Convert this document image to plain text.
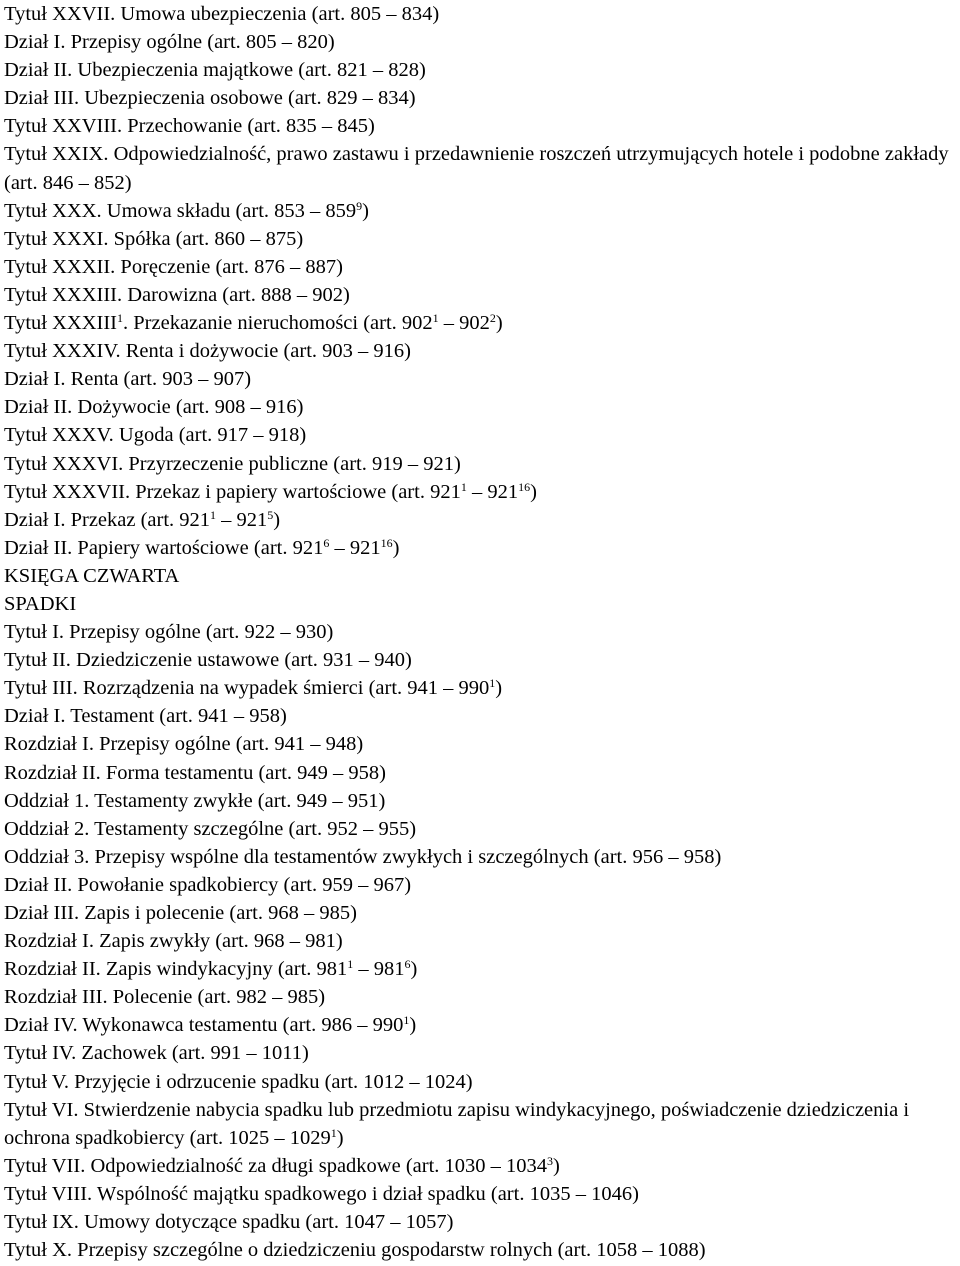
Tytuł XXVII. Umowa ubezpieczenia (art. 805 – 834)
Dział I. Przepisy ogólne (art. 805 – 820)
Dział II. Ubezpieczenia majątkowe (art. 821 – 828)
Dział III. Ubezpieczenia osobowe (art. 829 – 834)
Tytuł XXVIII. Przechowanie (art. 835 – 845)
Tytuł XXIX. Odpowiedzialność, prawo zastawu i przedawnienie roszczeń utrzymujących hotele i podobne zakłady (art. 846 – 852)
Tytuł XXX. Umowa składu (art. $853 - 859^9$)
Tytuł XXXI. Spółka (art. 860 – 875)
Tytuł XXXII. Poręczenie (art. 876 – 887)
Tytuł XXXIII. Darowizna (art. 888 – 902)
Tytuł XXXIII$^1$. Przekazanie nieruchomości (art. $902^1 - 902^2$)
Tytuł XXXIV. Renta i dożywocie (art. 903 – 916)
Dział I. Renta (art. 903 – 907)
Dział II. Dożywocie (art. 908 – 916)
Tytuł XXXV. Ugoda (art. 917 – 918)
Tytuł XXXVI. Przyrzeczenie publiczne (art. 919 – 921)
Tytuł XXXVII. Przekaz i papiery wartościowe (art. $921^1 - 921^{16}$)
Dział I. Przekaz (art. $921^1 - 921^5$)
Dział II. Papiery wartościowe (art. $921^6 - 921^{16}$)
KSIĘGA CZWARTA
SPADKI
Tytuł I. Przepisy ogólne (art. 922 – 930)
Tytuł II. Dziedziczenie ustawowe (art. 931 – 940)
Tytuł III. Rozrządzenia na wypadek śmierci (art. $941 - 990^1$)
Dział I. Testament (art. 941 – 958)
Rozdział I. Przepisy ogólne (art. 941 – 948)
Rozdział II. Forma testamentu (art. 949 – 958)
Oddział 1. Testamenty zwykłe (art. 949 – 951)
Oddział 2. Testamenty szczególne (art. 952 – 955)
Oddział 3. Przepisy wspólne dla testamentów zwykłych i szczególnych (art. 956 – 958)
Dział II. Powołanie spadkobiercy (art. 959 – 967)
Dział III. Zapis i polecenie (art. 968 – 985)
Rozdział I. Zapis zwykły (art. 968 – 981)
Rozdział II. Zapis windykacyjny (art. $981^1 - 981^6$)
Rozdział III. Polecenie (art. 982 – 985)
Dział IV. Wykonawca testamentu (art. $986 - 990^1$)
Tytuł IV. Zachowek (art. 991 – 1011)
Tytuł V. Przyjęcie i odrzucenie spadku (art. 1012 – 1024)
Tytuł VI. Stwierdzenie nabycia spadku lub przedmiotu zapisu windykacyjnego, poświadczenie dziedziczenia i ochrona spadkobiercy (art. 1025 – 1029$^1$)
Tytuł VII. Odpowiedzialność za długi spadkowe (art. 1030 – 1034$^3$)
Tytuł VIII. Wspólność majątku spadkowego i dział spadku (art. 1035 – 1046)
Tytuł IX. Umowy dotyczące spadku (art. 1047 – 1057)
Tytuł X. Przepisy szczególne o dziedziczeniu gospodarstw rolnych (art. 1058 – 1088)
